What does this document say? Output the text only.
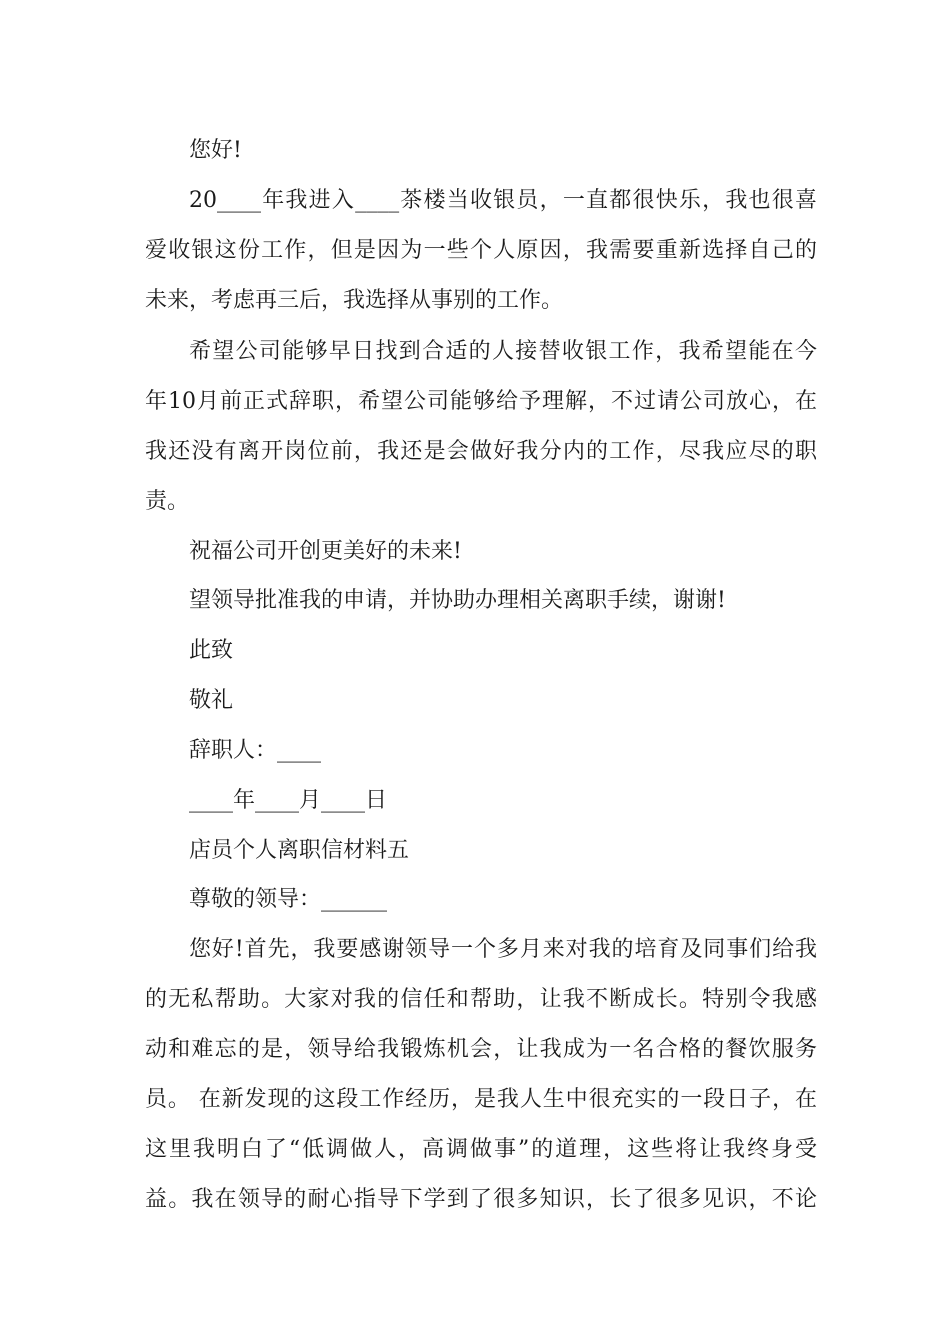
您好!

20____年我进入____茶楼当收银员，一直都很快乐，我也很喜

爱收银这份工作，但是因为一些个人原因，我需要重新选择自己的

未来，考虑再三后，我选择从事别的工作。

希望公司能够早日找到合适的人接替收银工作，我希望能在今

年10月前正式辞职，希望公司能够给予理解，不过请公司放心，在

我还没有离开岗位前，我还是会做好我分内的工作，尽我应尽的职

责。

祝福公司开创更美好的未来!

望领导批准我的申请，并协助办理相关离职手续，谢谢!

此致

敬礼

辞职人：____

____年____月____日

店员个人离职信材料五

尊敬的领导：______

您好!首先，我要感谢领导一个多月来对我的培育及同事们给我

的无私帮助。大家对我的信任和帮助，让我不断成长。特别令我感

动和难忘的是，领导给我锻炼机会，让我成为一名合格的餐饮服务

员。 在新发现的这段工作经历，是我人生中很充实的一段日子，在

这里我明白了“低调做人，高调做事”的道理，这些将让我终身受

益。我在领导的耐心指导下学到了很多知识，长了很多见识，不论
